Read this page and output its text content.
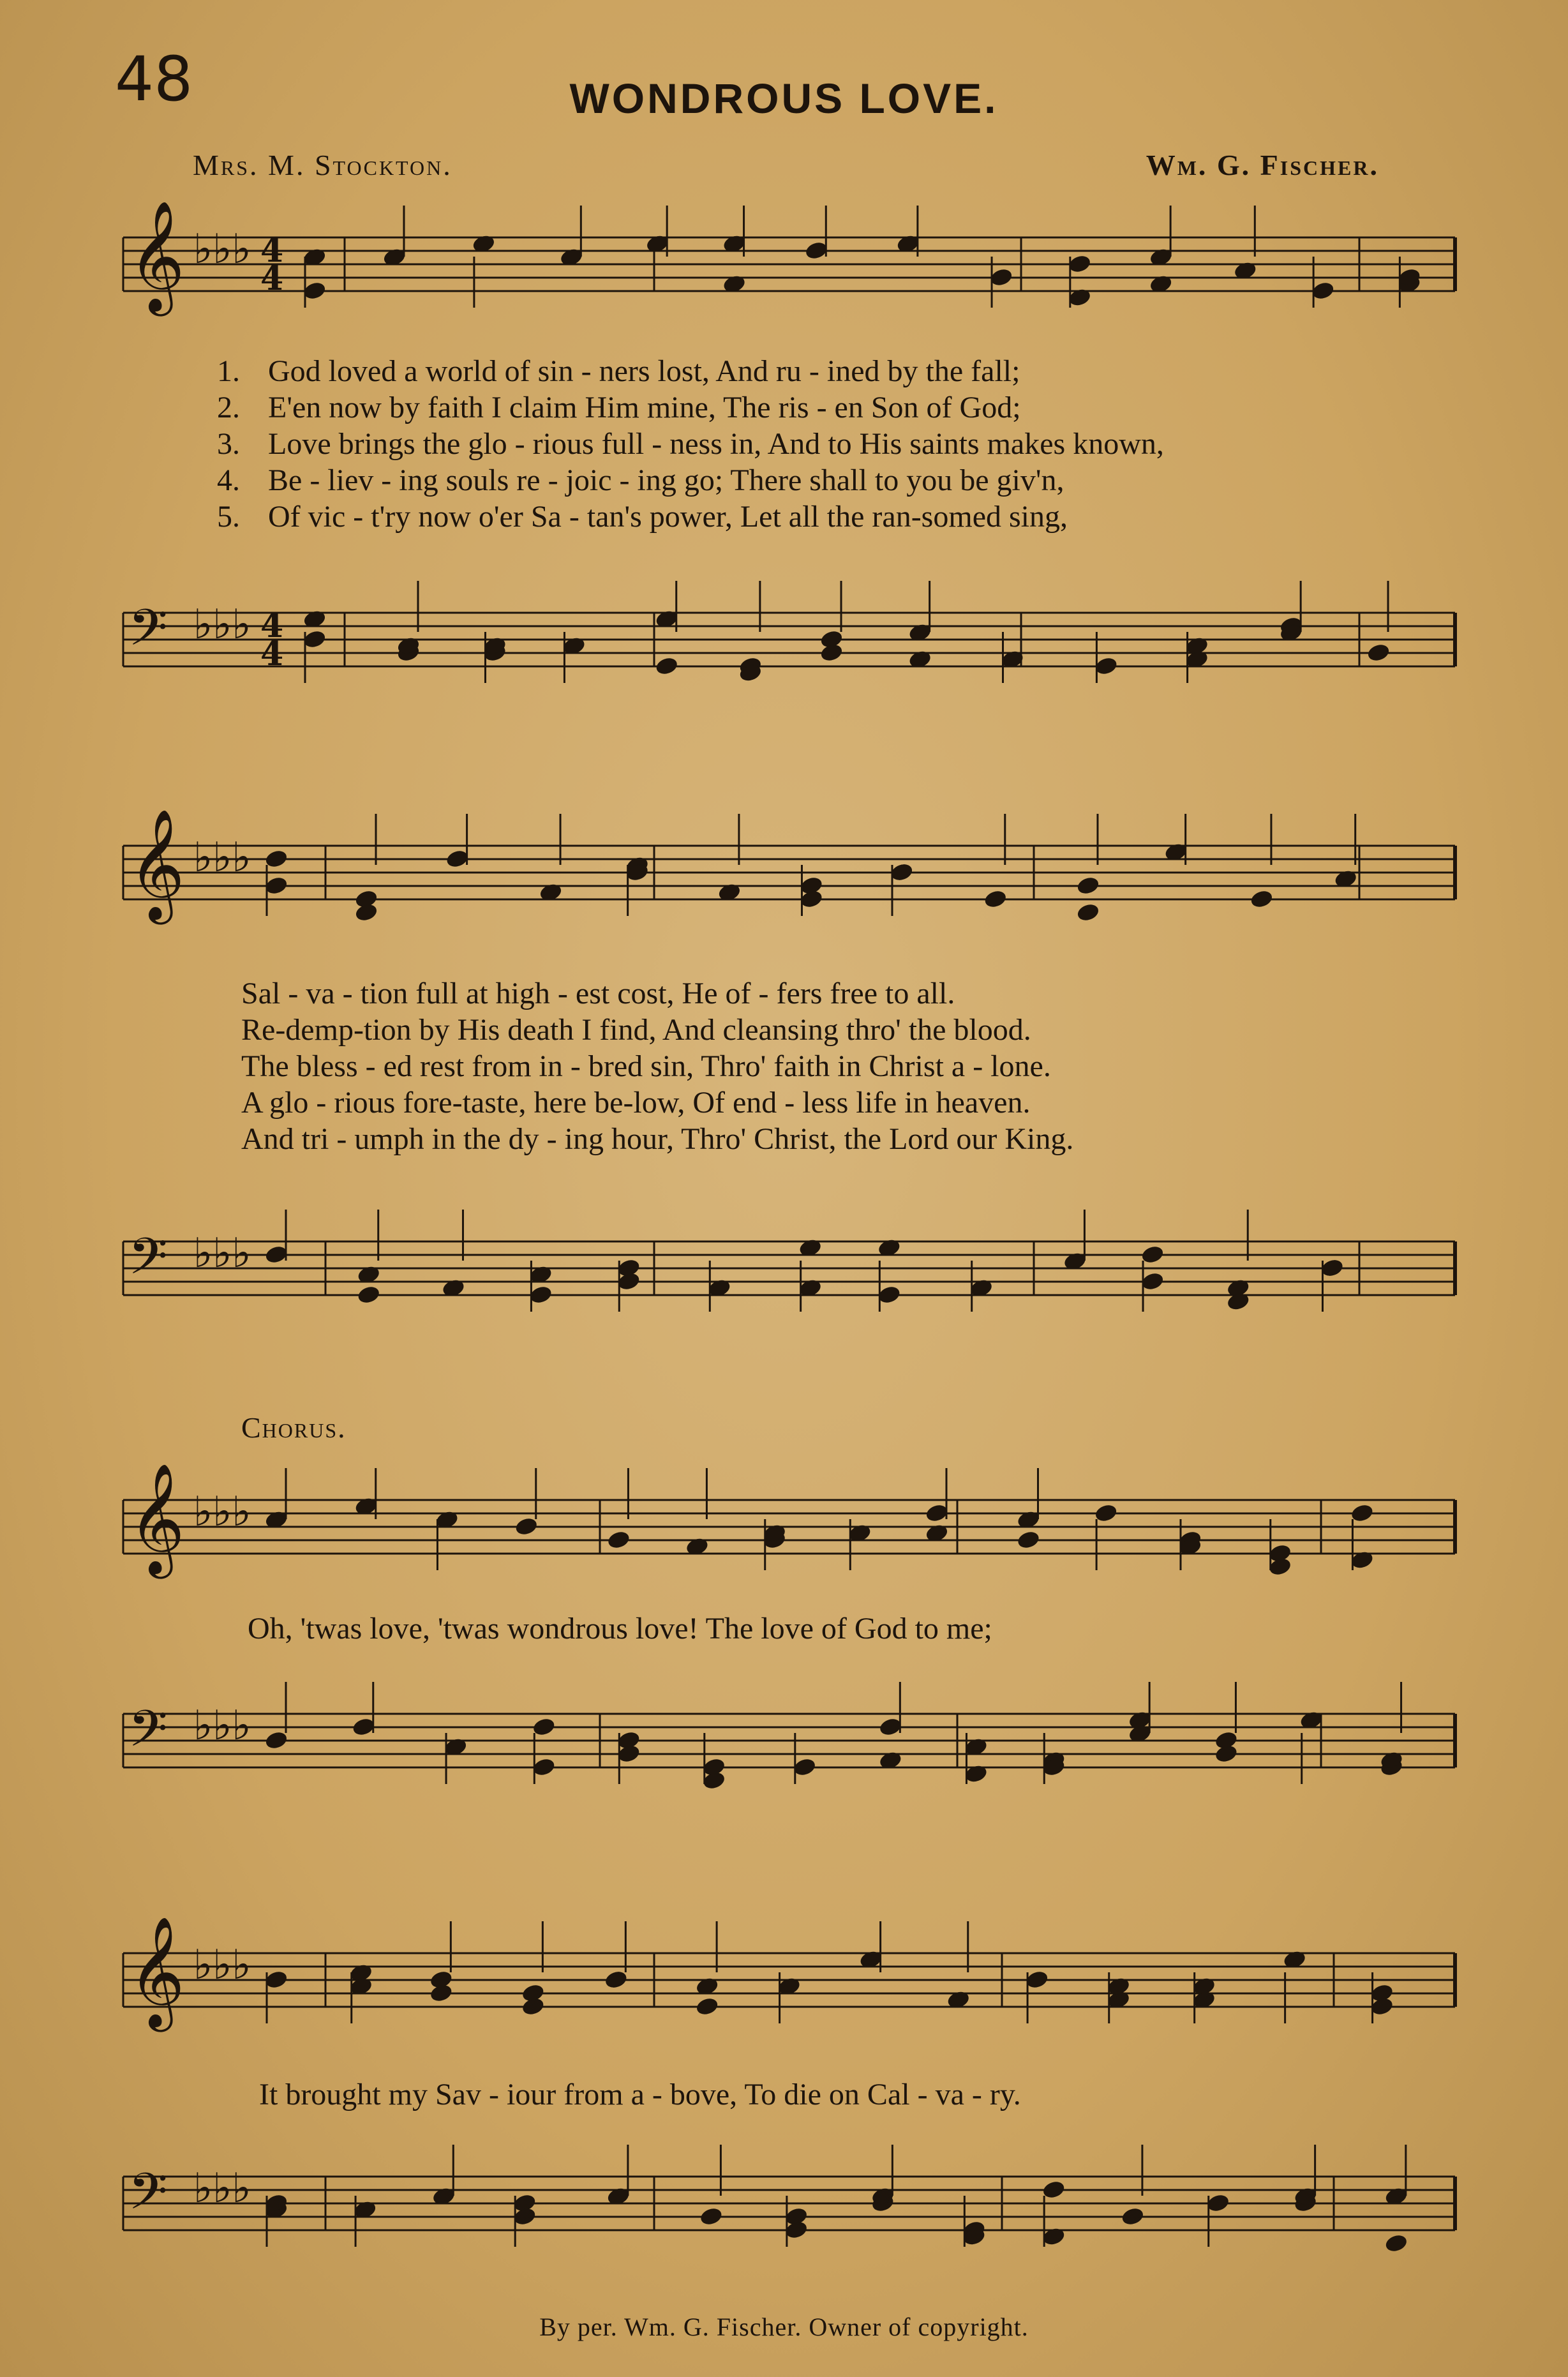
48	WONDROUS LOVE.
Mrs. M. Stockton.	Wm. G. Fischer.
𝄞 ♭♭♭ 4
4
𝄢 ♭♭♭ 4
4
𝄞 ♭♭♭
𝄢 ♭♭♭
𝄞 ♭♭♭
𝄢 ♭♭♭
𝄞 ♭♭♭
𝄢 ♭♭♭
1.
2.
3.
4.
5.
God loved a world of sin - ners lost, And ru - ined by the fall;
E'en now by faith I claim Him mine, The ris - en Son of God;
Love brings the glo - rious full - ness in, And to His saints makes known,
Be - liev - ing souls re - joic - ing go; There shall to you be giv'n,
Of vic - t'ry now o'er Sa - tan's power, Let all the ran-somed sing,
Sal - va - tion full at high - est cost, He of - fers free to all.
Re-demp-tion by His death I find, And cleansing thro' the blood.
The bless - ed rest from in - bred sin, Thro' faith in Christ a - lone.
A glo - rious fore-taste, here be-low, Of end - less life in heaven.
And tri - umph in the dy - ing hour, Thro' Christ, the Lord our King.
Chorus.
Oh, 'twas love, 'twas wondrous love! The love of God to me;
It brought my Sav - iour from a - bove, To die on Cal - va - ry.
By per. Wm. G. Fischer. Owner of copyright.
